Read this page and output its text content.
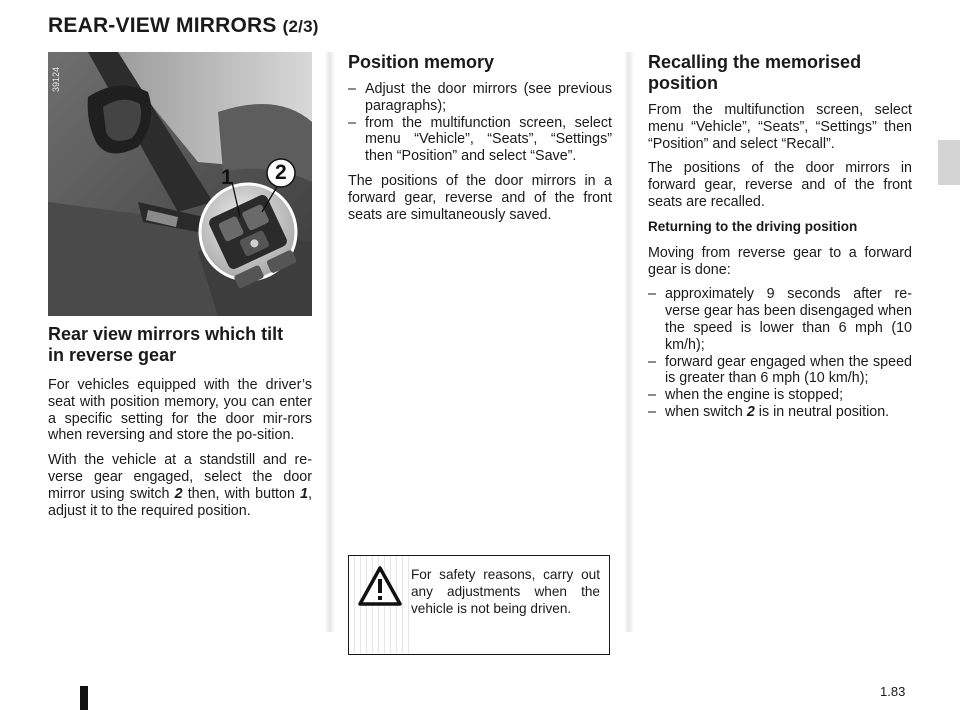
REAR-VIEW MIRRORS (2/3)
39124
1 2
Rear view mirrors which tilt
in reverse gear

For vehicles equipped with the driver’s seat with position memory, you can enter a specific setting for the door mir-rors when reversing and store the po-sition.

With the vehicle at a standstill and re-verse gear engaged, select the door mirror using switch 2 then, with button 1, adjust it to the required position.

Position memory
– Adjust the door mirrors (see previous paragraphs);
– from the multifunction screen, select menu “Vehicle”, “Seats”, “Settings” then “Position” and select “Save”.

The positions of the door mirrors in a forward gear, reverse and of the front seats are simultaneously saved.

For safety reasons, carry out any adjustments when the vehicle is not being driven.
Recalling the memorised
position

From the multifunction screen, select menu “Vehicle”, “Seats”, “Settings” then “Position” and select “Recall”.

The positions of the door mirrors in forward gear, reverse and of the front seats are recalled.

Returning to the driving position

Moving from reverse gear to a forward gear is done:

– approximately 9 seconds after re-verse gear has been disengaged when the speed is lower than 6 mph (10 km/h);
– forward gear engaged when the speed is greater than 6 mph (10 km/h);
– when the engine is stopped;
– when switch 2 is in neutral position.
1.83
